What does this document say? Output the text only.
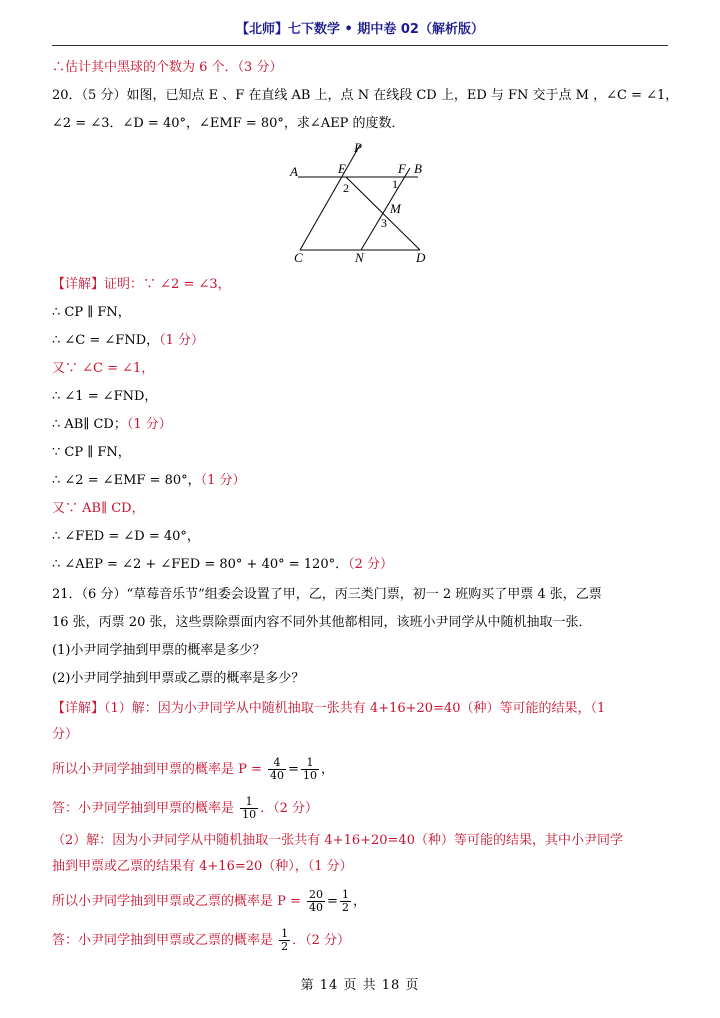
【北师】七下数学 • 期中卷 02（解析版）
∴估计其中黑球的个数为 6 个．（3 分）
20．（5 分）如图，已知点 E 、F 在直线 AB 上，点 N 在线段 CD 上，ED 与 FN 交于点 M ，∠C = ∠1，
∠2 = ∠3．∠D = 40°，∠EMF = 80°，求∠AEP 的度数．
P
A	E	F B
M
C	N	D
1
2
3
【详解】证明：∵ ∠2 = ∠3，
∴ CP ∥ FN，
∴ ∠C = ∠FND，（1 分）
又∵ ∠C = ∠1，
∴ ∠1 = ∠FND，
∴ AB∥ CD；（1 分）
∵ CP ∥ FN，
∴ ∠2 = ∠EMF = 80°，（1 分）
又∵ AB∥ CD，
∴ ∠FED = ∠D = 40°，
∴ ∠AEP = ∠2 + ∠FED = 80° + 40° = 120°．（2 分）
21．（6 分）“草莓音乐节”组委会设置了甲，乙，丙三类门票，初一 2 班购买了甲票 4 张，乙票
16 张，丙票 20 张，这些票除票面内容不同外其他都相同，该班小尹同学从中随机抽取一张．
(1)小尹同学抽到甲票的概率是多少？
(2)小尹同学抽到甲票或乙票的概率是多少？
【详解】（1）解：因为小尹同学从中随机抽取一张共有 4+16+20=40（种）等可能的结果，（1
分）
所以小尹同学抽到甲票的概率是 $P = \frac{4}{40} = \frac{1}{10}$ ，
答：小尹同学抽到甲票的概率是 $\frac{1}{10}$ ．（2 分）
（2）解：因为小尹同学从中随机抽取一张共有 4+16+20=40（种）等可能的结果，其中小尹同学
抽到甲票或乙票的结果有 4+16=20（种），（1 分）
所以小尹同学抽到甲票或乙票的概率是 $P = \frac{20}{40} = \frac{1}{2}$ ，
答：小尹同学抽到甲票或乙票的概率是 $\frac{1}{2}$ ．（2 分）
第 14 页 共 18 页
